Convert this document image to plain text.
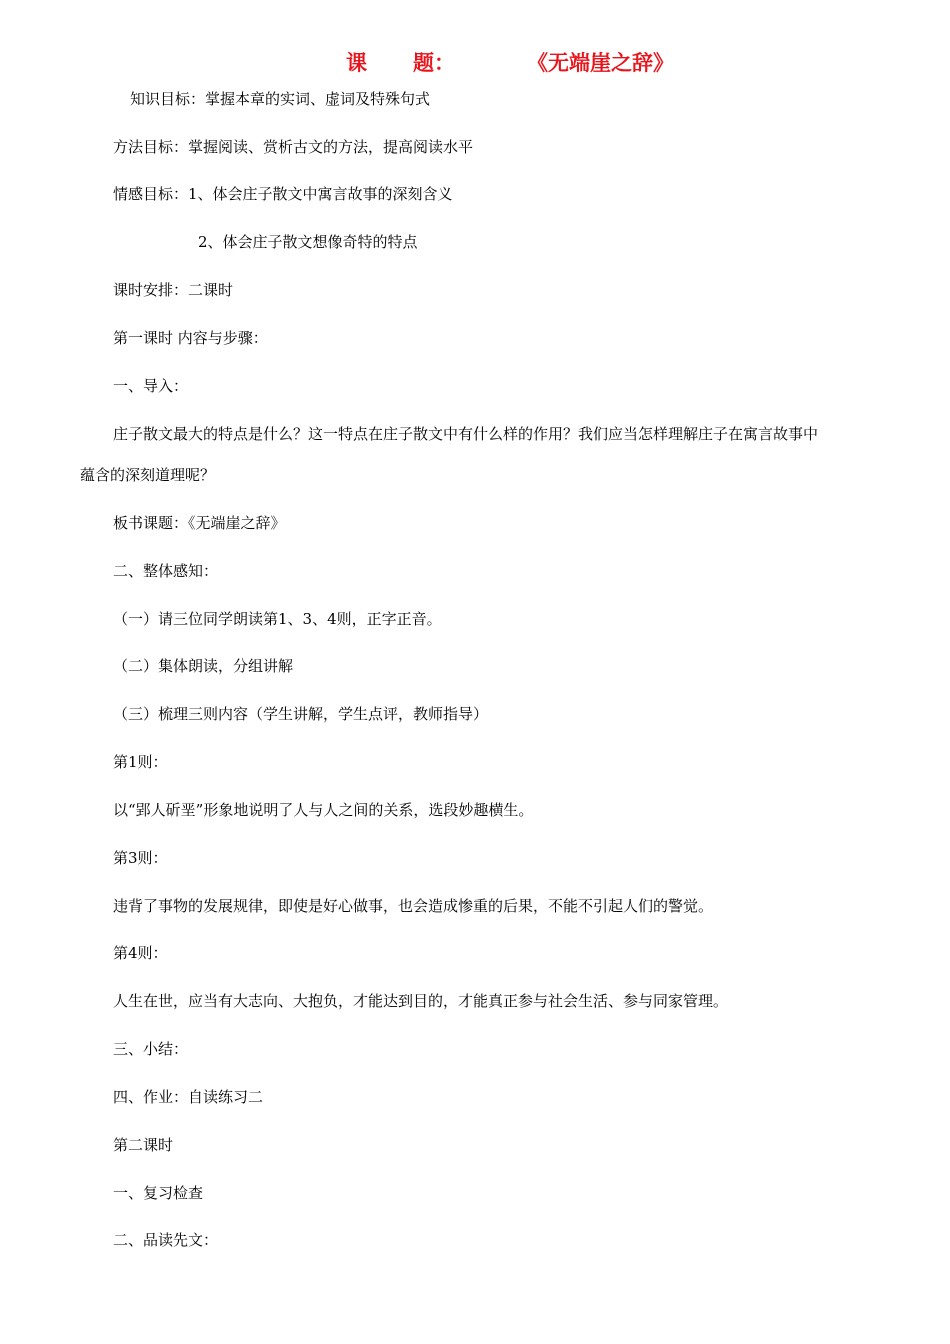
课 题：	《无端崖之辞》
知识目标：掌握本章的实词、虚词及特殊句式
方法目标：掌握阅读、赏析古文的方法，提高阅读水平
情感目标：1、体会庄子散文中寓言故事的深刻含义
2、体会庄子散文想像奇特的特点
课时安排：二课时
第一课时 内容与步骤：
一、导入：
庄子散文最大的特点是什么？这一特点在庄子散文中有什么样的作用？我们应当怎样理解庄子在寓言故事中
蕴含的深刻道理呢？
板书课题：《无端崖之辞》
二、整体感知：
（一）请三位同学朗读第1、3、4则，正字正音。
（二）集体朗读，分组讲解
（三）梳理三则内容（学生讲解，学生点评，教师指导）
第1则：
以“郢人斫垩”形象地说明了人与人之间的关系，选段妙趣横生。
第3则：
违背了事物的发展规律，即使是好心做事，也会造成惨重的后果，不能不引起人们的警觉。
第4则：
人生在世，应当有大志向、大抱负，才能达到目的，才能真正参与社会生活、参与同家管理。
三、小结：
四、作业：自读练习二
第二课时
一、复习检查
二、品读先文：
